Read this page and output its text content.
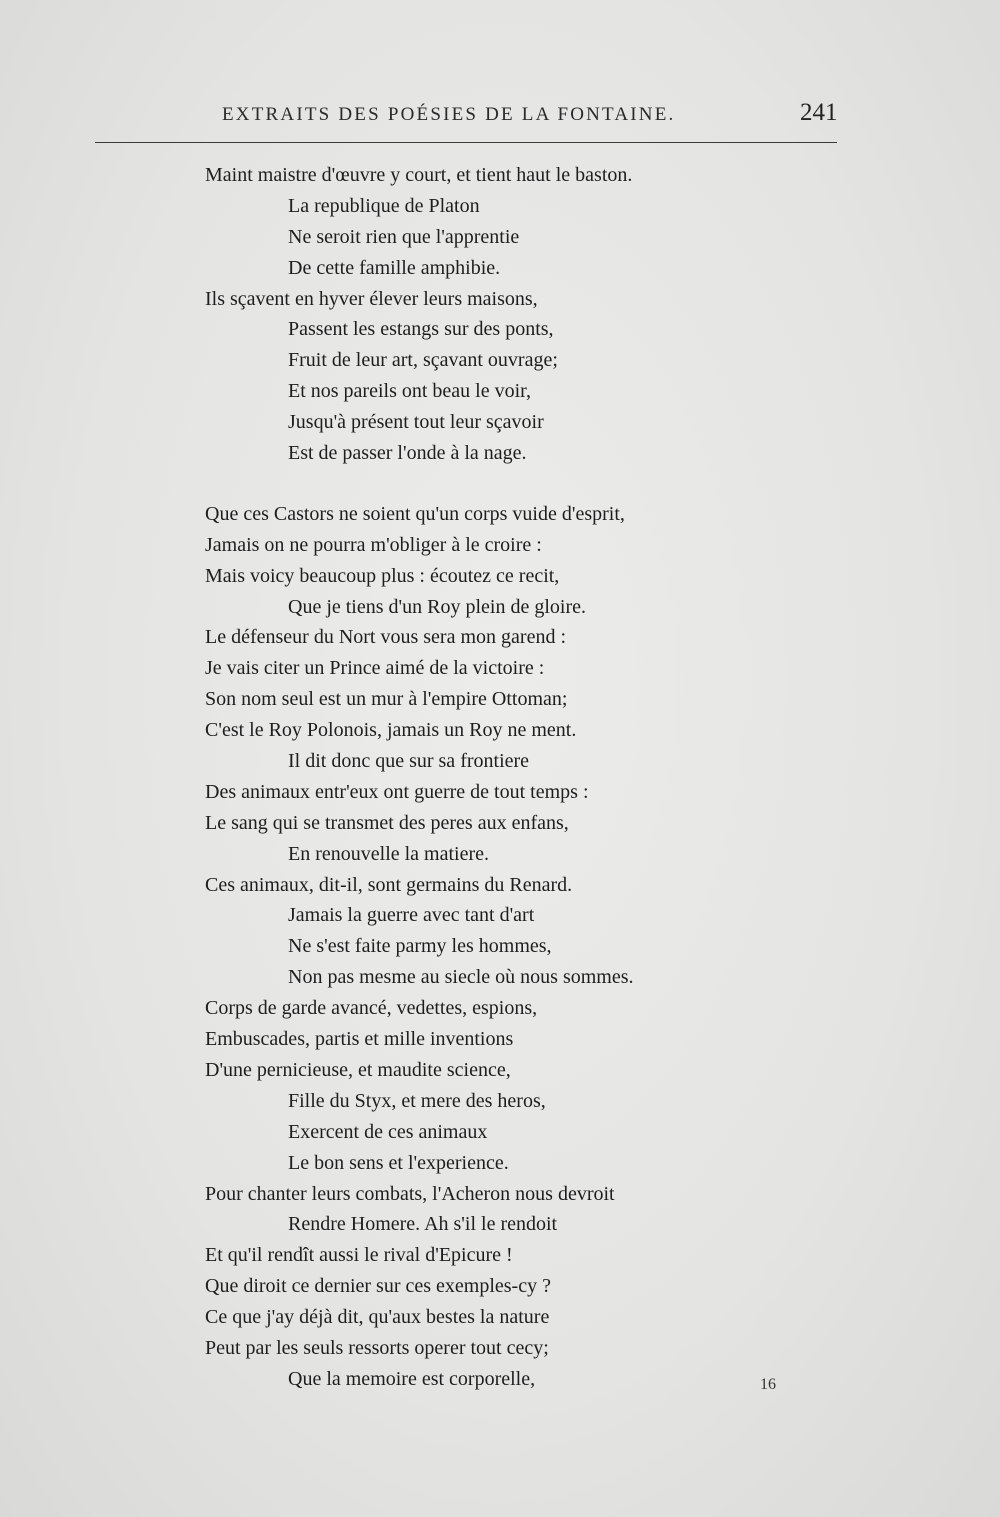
EXTRAITS DES POÉSIES DE LA FONTAINE.	241
Maint maistre d'œuvre y court, et tient haut le baston.
La republique de Platon
Ne seroit rien que l'apprentie
De cette famille amphibie.
Ils sçavent en hyver élever leurs maisons,
Passent les estangs sur des ponts,
Fruit de leur art, sçavant ouvrage;
Et nos pareils ont beau le voir,
Jusqu'à présent tout leur sçavoir
Est de passer l'onde à la nage.
Que ces Castors ne soient qu'un corps vuide d'esprit,
Jamais on ne pourra m'obliger à le croire :
Mais voicy beaucoup plus : écoutez ce recit,
Que je tiens d'un Roy plein de gloire.
Le défenseur du Nort vous sera mon garend :
Je vais citer un Prince aimé de la victoire :
Son nom seul est un mur à l'empire Ottoman;
C'est le Roy Polonois, jamais un Roy ne ment.
Il dit donc que sur sa frontiere
Des animaux entr'eux ont guerre de tout temps :
Le sang qui se transmet des peres aux enfans,
En renouvelle la matiere.
Ces animaux, dit-il, sont germains du Renard.
Jamais la guerre avec tant d'art
Ne s'est faite parmy les hommes,
Non pas mesme au siecle où nous sommes.
Corps de garde avancé, vedettes, espions,
Embuscades, partis et mille inventions
D'une pernicieuse, et maudite science,
Fille du Styx, et mere des heros,
Exercent de ces animaux
Le bon sens et l'experience.
Pour chanter leurs combats, l'Acheron nous devroit
Rendre Homere. Ah s'il le rendoit
Et qu'il rendît aussi le rival d'Epicure !
Que diroit ce dernier sur ces exemples-cy ?
Ce que j'ay déjà dit, qu'aux bestes la nature
Peut par les seuls ressorts operer tout cecy;
Que la memoire est corporelle,	16
